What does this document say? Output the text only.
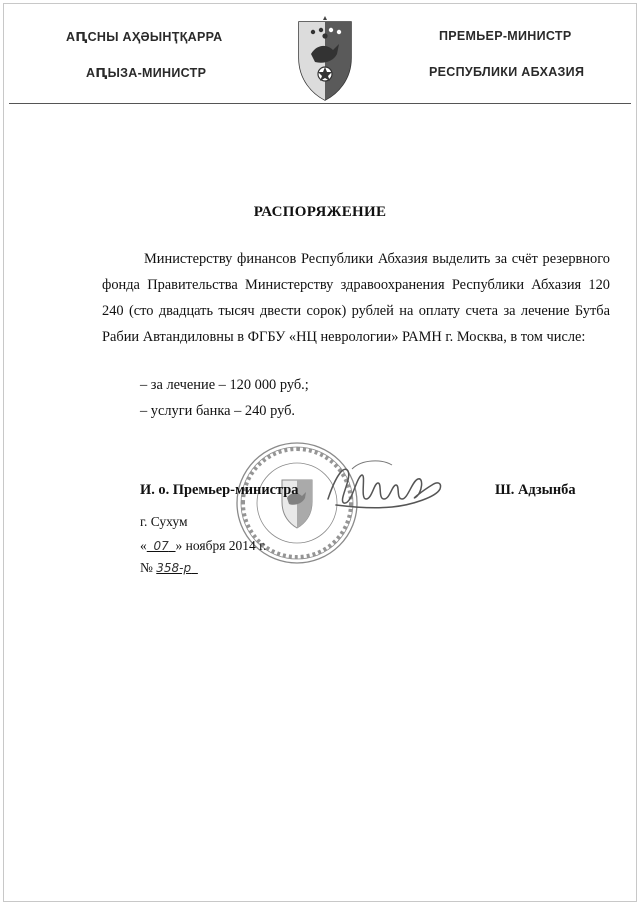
АԤСНЫ АҲӘЫНҬҚАРРА
АԤЫЗА-МИНИСТР
ПРЕМЬЕР-МИНИСТР
РЕСПУБЛИКИ АБХАЗИЯ
РАСПОРЯЖЕНИЕ

Министерству финансов Республики Абхазия выделить за счёт резервного фонда Правительства Министерству здравоохранения Республики Абхазия 120 240 (сто двадцать тысяч двести сорок) рублей на оплату счета за лечение Бутба Рабии Автандиловны в ФГБУ «НЦ неврологии» РАМН г. Москва, в том числе:

– за лечение – 120 000 руб.;
– услуги банка – 240 руб.
И. о. Премьер-министра	Ш. Адзынба
г. Сухум
« 07 » ноября 2014 г.
№ 358-р
